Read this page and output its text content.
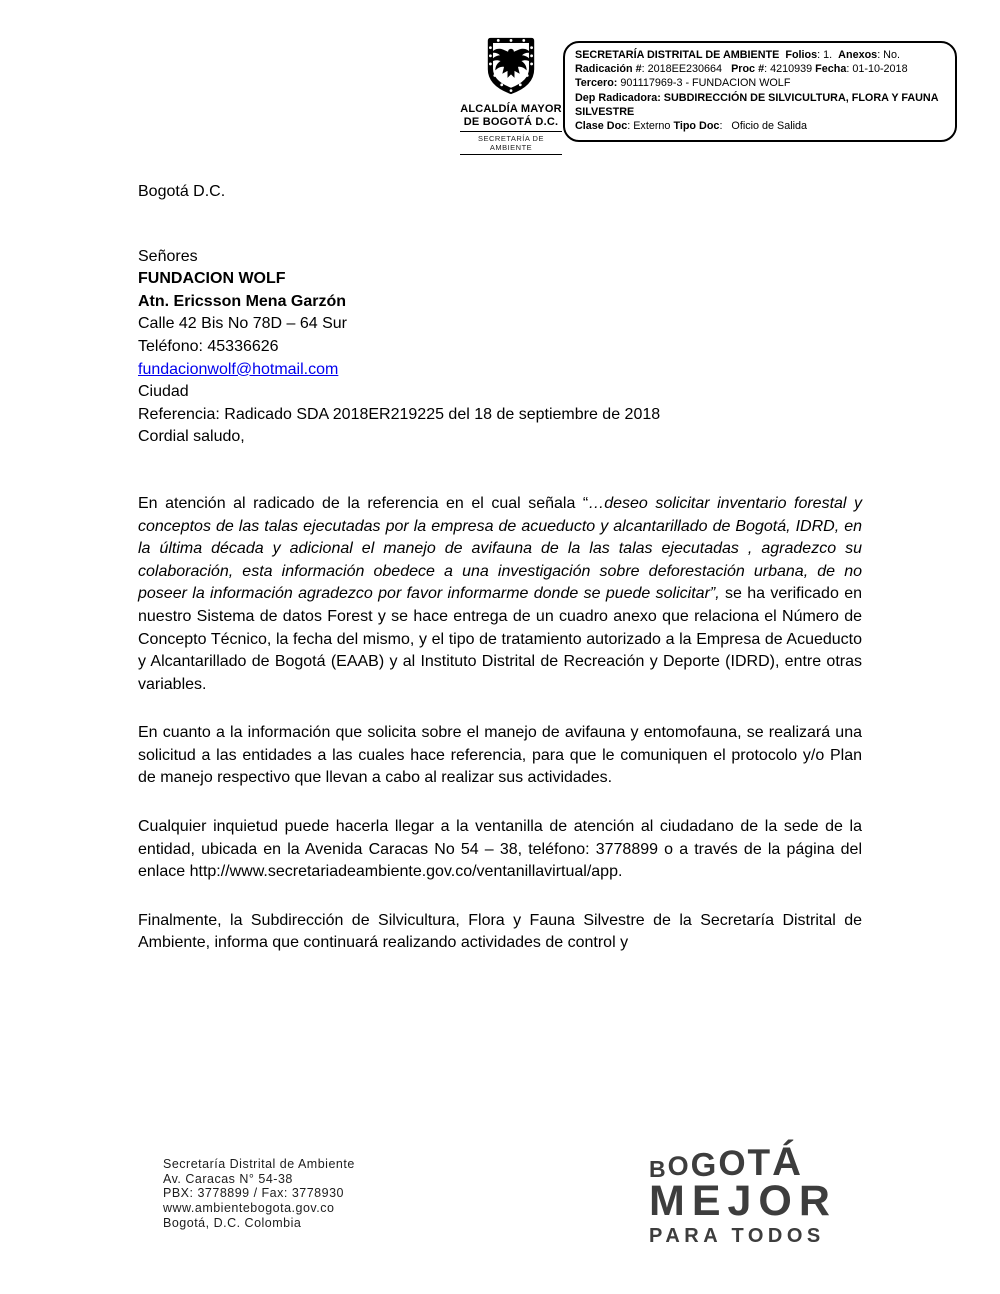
ALCALDÍA MAYOR
DE BOGOTÁ D.C.
SECRETARÍA DE AMBIENTE
SECRETARÍA DISTRITAL DE AMBIENTE Folios: 1.  Anexos: No.
Radicación #: 2018EE230664   Proc #: 4210939 Fecha: 01-10-2018
Tercero: 901117969-3 - FUNDACION WOLF
Dep Radicadora: SUBDIRECCIÓN DE SILVICULTURA, FLORA Y FAUNA
SILVESTRE
Clase Doc: Externo Tipo Doc:   Oficio de Salida

Bogotá D.C.

Señores
FUNDACION WOLF
Atn. Ericsson Mena Garzón
Calle 42 Bis No 78D – 64 Sur
Teléfono: 45336626
fundacionwolf@hotmail.com
Ciudad

Referencia: Radicado SDA 2018ER219225 del 18 de septiembre de 2018

Cordial saludo,

En atención al radicado de la referencia en el cual señala “…deseo solicitar inventario forestal y conceptos de las talas ejecutadas por la empresa de acueducto y alcantarillado de Bogotá, IDRD, en la última década y adicional el manejo de avifauna de la las talas ejecutadas , agradezco su colaboración, esta información obedece a una investigación sobre deforestación urbana, de no poseer la información agradezco por favor informarme donde se puede solicitar”, se ha verificado en nuestro Sistema de datos Forest y se hace entrega de un cuadro anexo que relaciona el Número de Concepto Técnico, la fecha del mismo, y el tipo de tratamiento autorizado a la Empresa de Acueducto y Alcantarillado de Bogotá (EAAB) y al Instituto Distrital de Recreación y Deporte (IDRD), entre otras variables.

En cuanto a la información que solicita sobre el manejo de avifauna y entomofauna, se realizará una solicitud a las entidades a las cuales hace referencia, para que le comuniquen el protocolo y/o Plan de manejo respectivo que llevan a cabo al realizar sus actividades.

Cualquier inquietud puede hacerla llegar a la ventanilla de atención al ciudadano de la sede de la entidad, ubicada en la Avenida Caracas No 54 – 38, teléfono: 3778899 o a través de la página del enlace http://www.secretariadeambiente.gov.co/ventanillavirtual/app.

Finalmente, la Subdirección de Silvicultura, Flora y Fauna Silvestre de la Secretaría Distrital de Ambiente, informa que continuará realizando actividades de control y

Secretaría Distrital de Ambiente
Av. Caracas N° 54-38
PBX: 3778899 / Fax: 3778930
www.ambientebogota.gov.co
Bogotá, D.C. Colombia
B O G O T Á
MEJOR
PARA TODOS
